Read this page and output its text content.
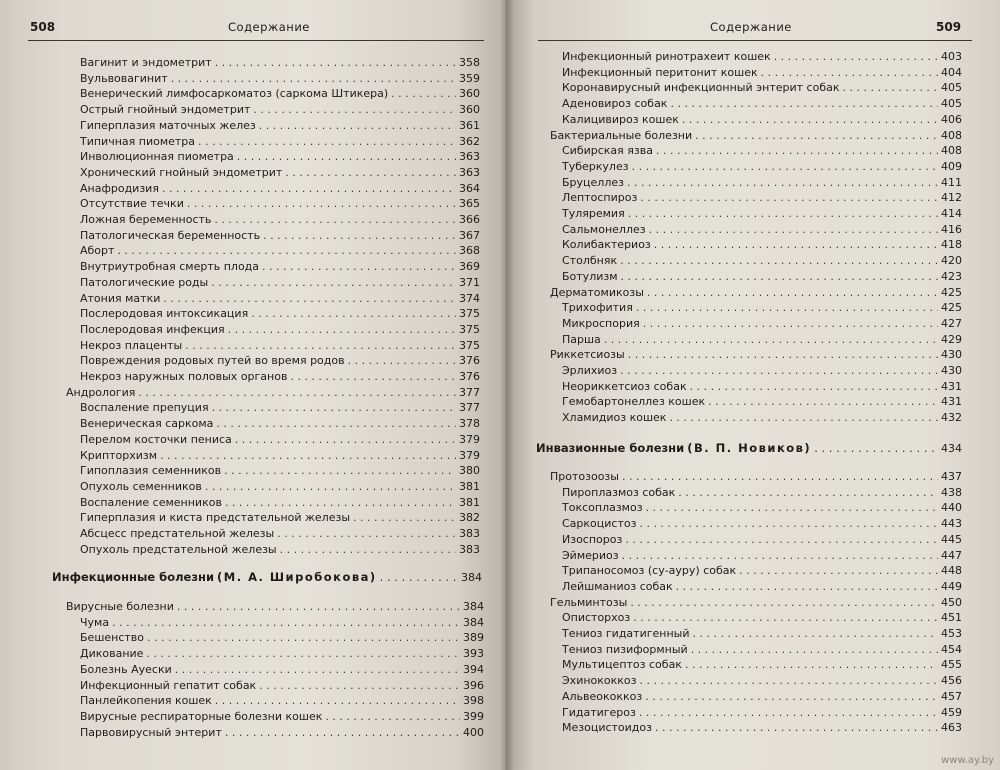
508	Содержание
Вагинит и эндометрит . . .	358
Вульвовагинит . . .	359
Венерический лимфосаркоматоз (саркома Штикера) . . .	360
Острый гнойный эндометрит . . .	360
Гиперплазия маточных желез . . .	361
Типичная пиометра . . .	362
Инволюционная пиометра . . .	363
Хронический гнойный эндометрит . . .	363
Анафродизия . . .	364
Отсутствие течки . . .	365
Ложная беременность . . .	366
Патологическая беременность . . .	367
Аборт . . .	368
Внутриутробная смерть плода . . .	369
Патологические роды . . .	371
Атония матки . . .	374
Послеродовая интоксикация . . .	375
Послеродовая инфекция . . .	375
Некроз плаценты . . .	375
Повреждения родовых путей во время родов . . .	376
Некроз наружных половых органов . . .	376
Андрология . . .	377
Воспаление препуция . . .	377
Венерическая саркома . . .	378
Перелом косточки пениса . . .	379
Крипторхизм . . .	379
Гипоплазия семенников . . .	380
Опухоль семенников . . .	381
Воспаление семенников . . .	381
Гиперплазия и киста предстательной железы . . .	382
Абсцесс предстательной железы . . .	383
Опухоль предстательной железы . . .	383
Инфекционные болезни (М. А. Широбокова) . . .	384
Вирусные болезни . . .	384
Чума . . .	384
Бешенство . . .	389
Дикование . . .	393
Болезнь Ауески . . .	394
Инфекционный гепатит собак . . .	396
Панлейкопения кошек . . .	398
Вирусные респираторные болезни кошек . . .	399
Парвовирусный энтерит . . .	400
Содержание	509
Инфекционный ринотрахеит кошек . . .	403
Инфекционный перитонит кошек . . .	404
Коронавирусный инфекционный энтерит собак . . .	405
Аденовироз собак . . .	405
Калицивироз кошек . . .	406
Бактериальные болезни . . .	408
Сибирская язва . . .	408
Туберкулез . . .	409
Бруцеллез . . .	411
Лептоспироз . . .	412
Туляремия . . .	414
Сальмонеллез . . .	416
Колибактериоз . . .	418
Столбняк . . .	420
Ботулизм . . .	423
Дерматомикозы . . .	425
Трихофития . . .	425
Микроспория . . .	427
Парша . . .	429
Риккетсиозы . . .	430
Эрлихиоз . . .	430
Неориккетсиоз собак . . .	431
Гемобартонеллез кошек . . .	431
Хламидиоз кошек . . .	432
Инвазионные болезни (В. П. Новиков) . . .	434
Протозоозы . . .	437
Пироплазмоз собак . . .	438
Токсоплазмоз . . .	440
Саркоцистоз . . .	443
Изоспороз . . .	445
Эймериоз . . .	447
Трипаносомоз (су-ауру) собак . . .	448
Лейшманиоз собак . . .	449
Гельминтозы . . .	450
Описторхоз . . .	451
Тениоз гидатигенный . . .	453
Тениоз пизиформный . . .	454
Мультицептоз собак . . .	455
Эхинококкоз . . .	456
Альвеококкоз . . .	457
Гидатигероз . . .	459
Мезоцистоидоз . . .	463
www.ay.by
